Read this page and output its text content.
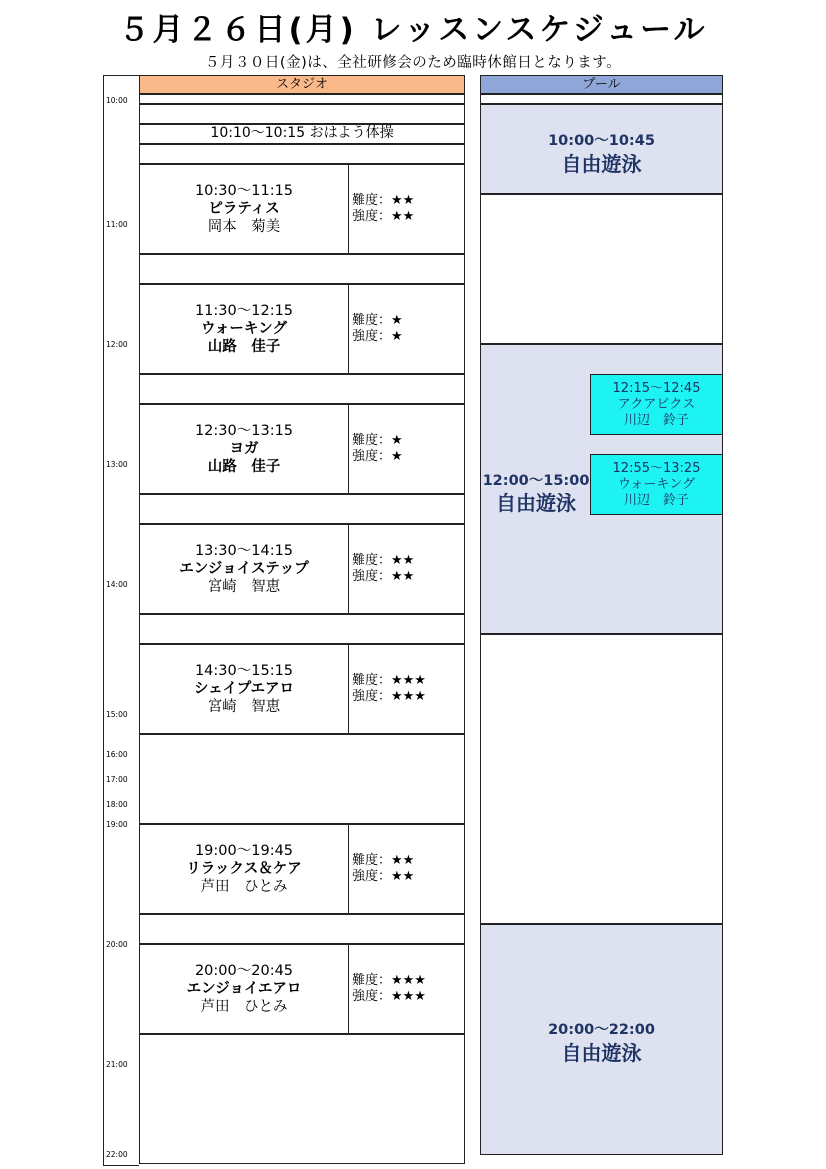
５月２６日(月) レッスンスケジュール
５月３０日(金)は、全社研修会のため臨時休館日となります。
スタジオ	プール
10:00
11:00
12:00
13:00
14:00
15:00
16:00
17:00
18:00
19:00
20:00
21:00
22:00
10:10～10:15 おはよう体操
10:30～11:15
ピラティス
岡本　菊美
難度：★★
強度：★★
11:30～12:15
ウォーキング
山路　佳子
難度：★
強度：★
12:30～13:15
ヨガ
山路　佳子
難度：★
強度：★
13:30～14:15
エンジョイステップ
宮崎　智恵
難度：★★
強度：★★
14:30～15:15
シェイプエアロ
宮崎　智恵
難度：★★★
強度：★★★
19:00～19:45
リラックス＆ケア
芦田　ひとみ
難度：★★
強度：★★
20:00～20:45
エンジョイエアロ
芦田　ひとみ
難度：★★★
強度：★★★
10:00～10:45
自由遊泳
12:00～15:00
自由遊泳
20:00～22:00
自由遊泳
12:15～12:45
アクアビクス
川辺　鈴子
12:55～13:25
ウォーキング
川辺　鈴子
